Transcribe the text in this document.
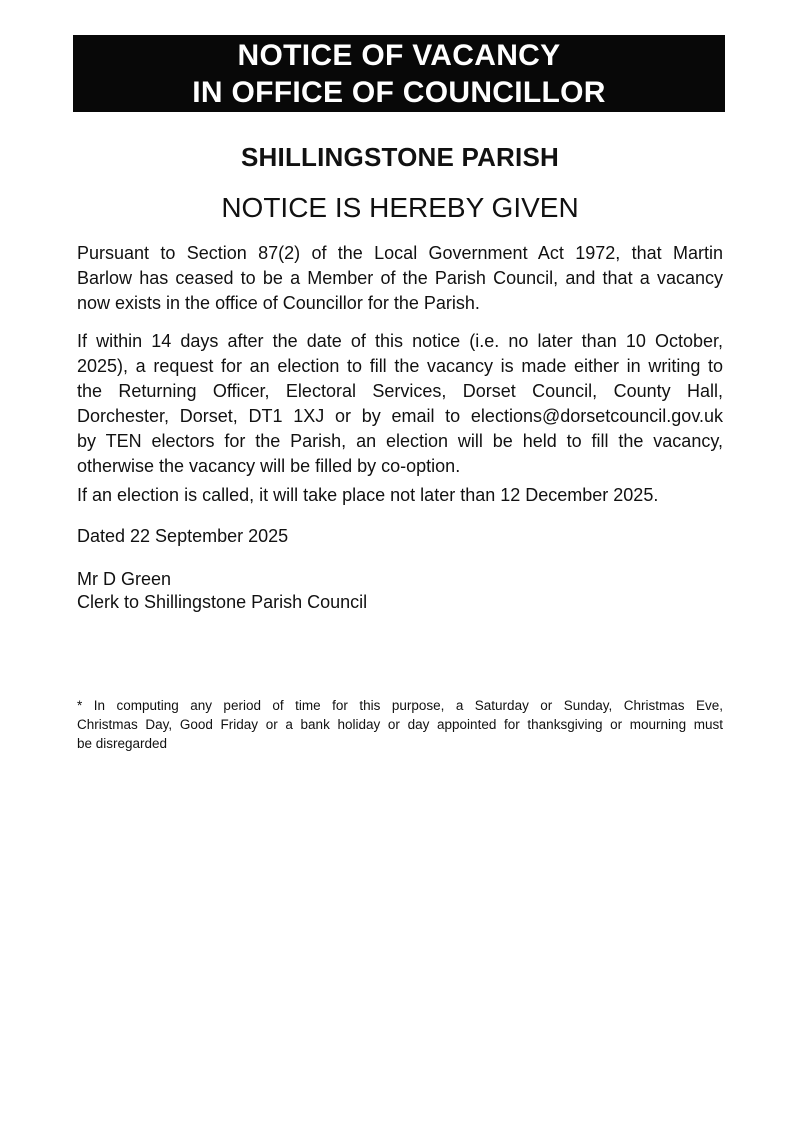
NOTICE OF VACANCY
IN OFFICE OF COUNCILLOR
SHILLINGSTONE PARISH
NOTICE IS HEREBY GIVEN
Pursuant to Section 87(2) of the Local Government Act 1972, that Martin
Barlow has ceased to be a Member of the Parish Council, and that a vacancy
now exists in the office of Councillor for the Parish.
If within 14 days after the date of this notice (i.e. no later than 10 October,
2025), a request for an election to fill the vacancy is made either in writing to
the Returning Officer, Electoral Services, Dorset Council, County Hall,
Dorchester, Dorset, DT1 1XJ or by email to elections@dorsetcouncil.gov.uk
by TEN electors for the Parish, an election will be held to fill the vacancy,
otherwise the vacancy will be filled by co-option.
If an election is called, it will take place not later than 12 December 2025.
Dated 22 September 2025
Mr D Green
Clerk to Shillingstone Parish Council
* In computing any period of time for this purpose, a Saturday or Sunday, Christmas Eve,
Christmas Day, Good Friday or a bank holiday or day appointed for thanksgiving or mourning must
be disregarded
